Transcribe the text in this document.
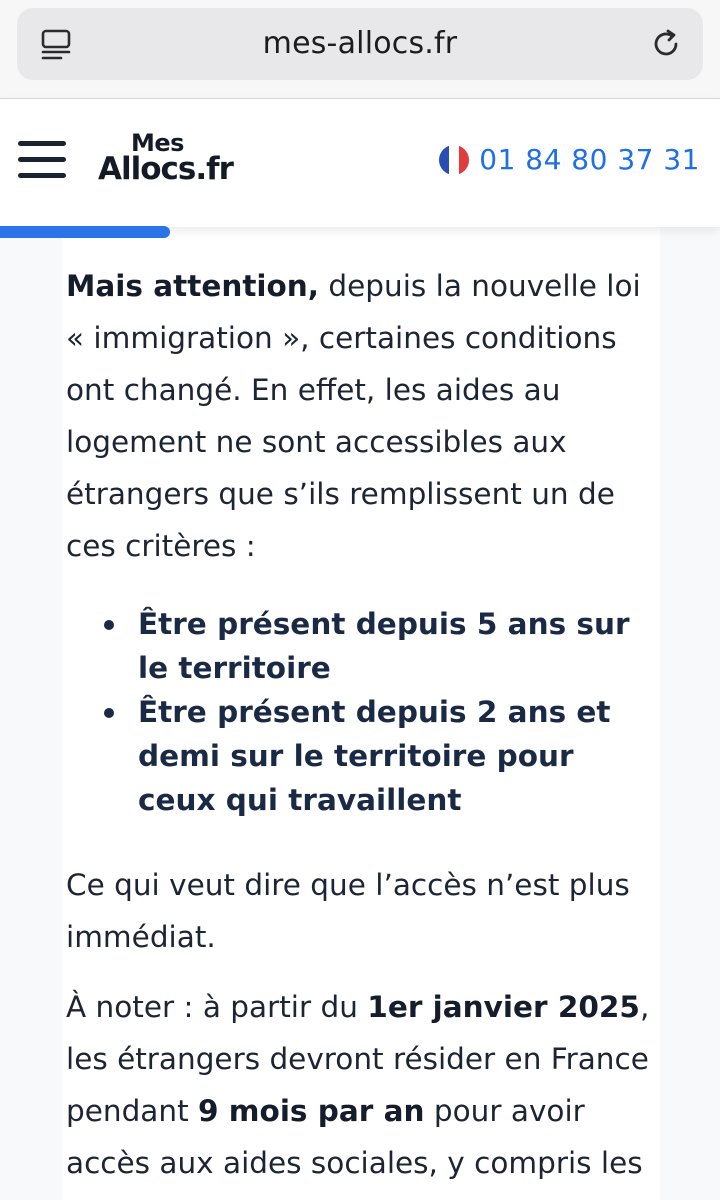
mes-allocs.fr
Mes
Allocs.fr	01 84 80 37 31

Mais attention, depuis la nouvelle loi « immigration », certaines conditions ont changé. En effet, les aides au logement ne sont accessibles aux étrangers que s’ils remplissent un de ces critères :

Être présent depuis 5 ans sur le territoire
Être présent depuis 2 ans et demi sur le territoire pour ceux qui travaillent

Ce qui veut dire que l’accès n’est plus immédiat.

À noter : à partir du 1er janvier 2025, les étrangers devront résider en France pendant 9 mois par an pour avoir accès aux aides sociales, y compris les
